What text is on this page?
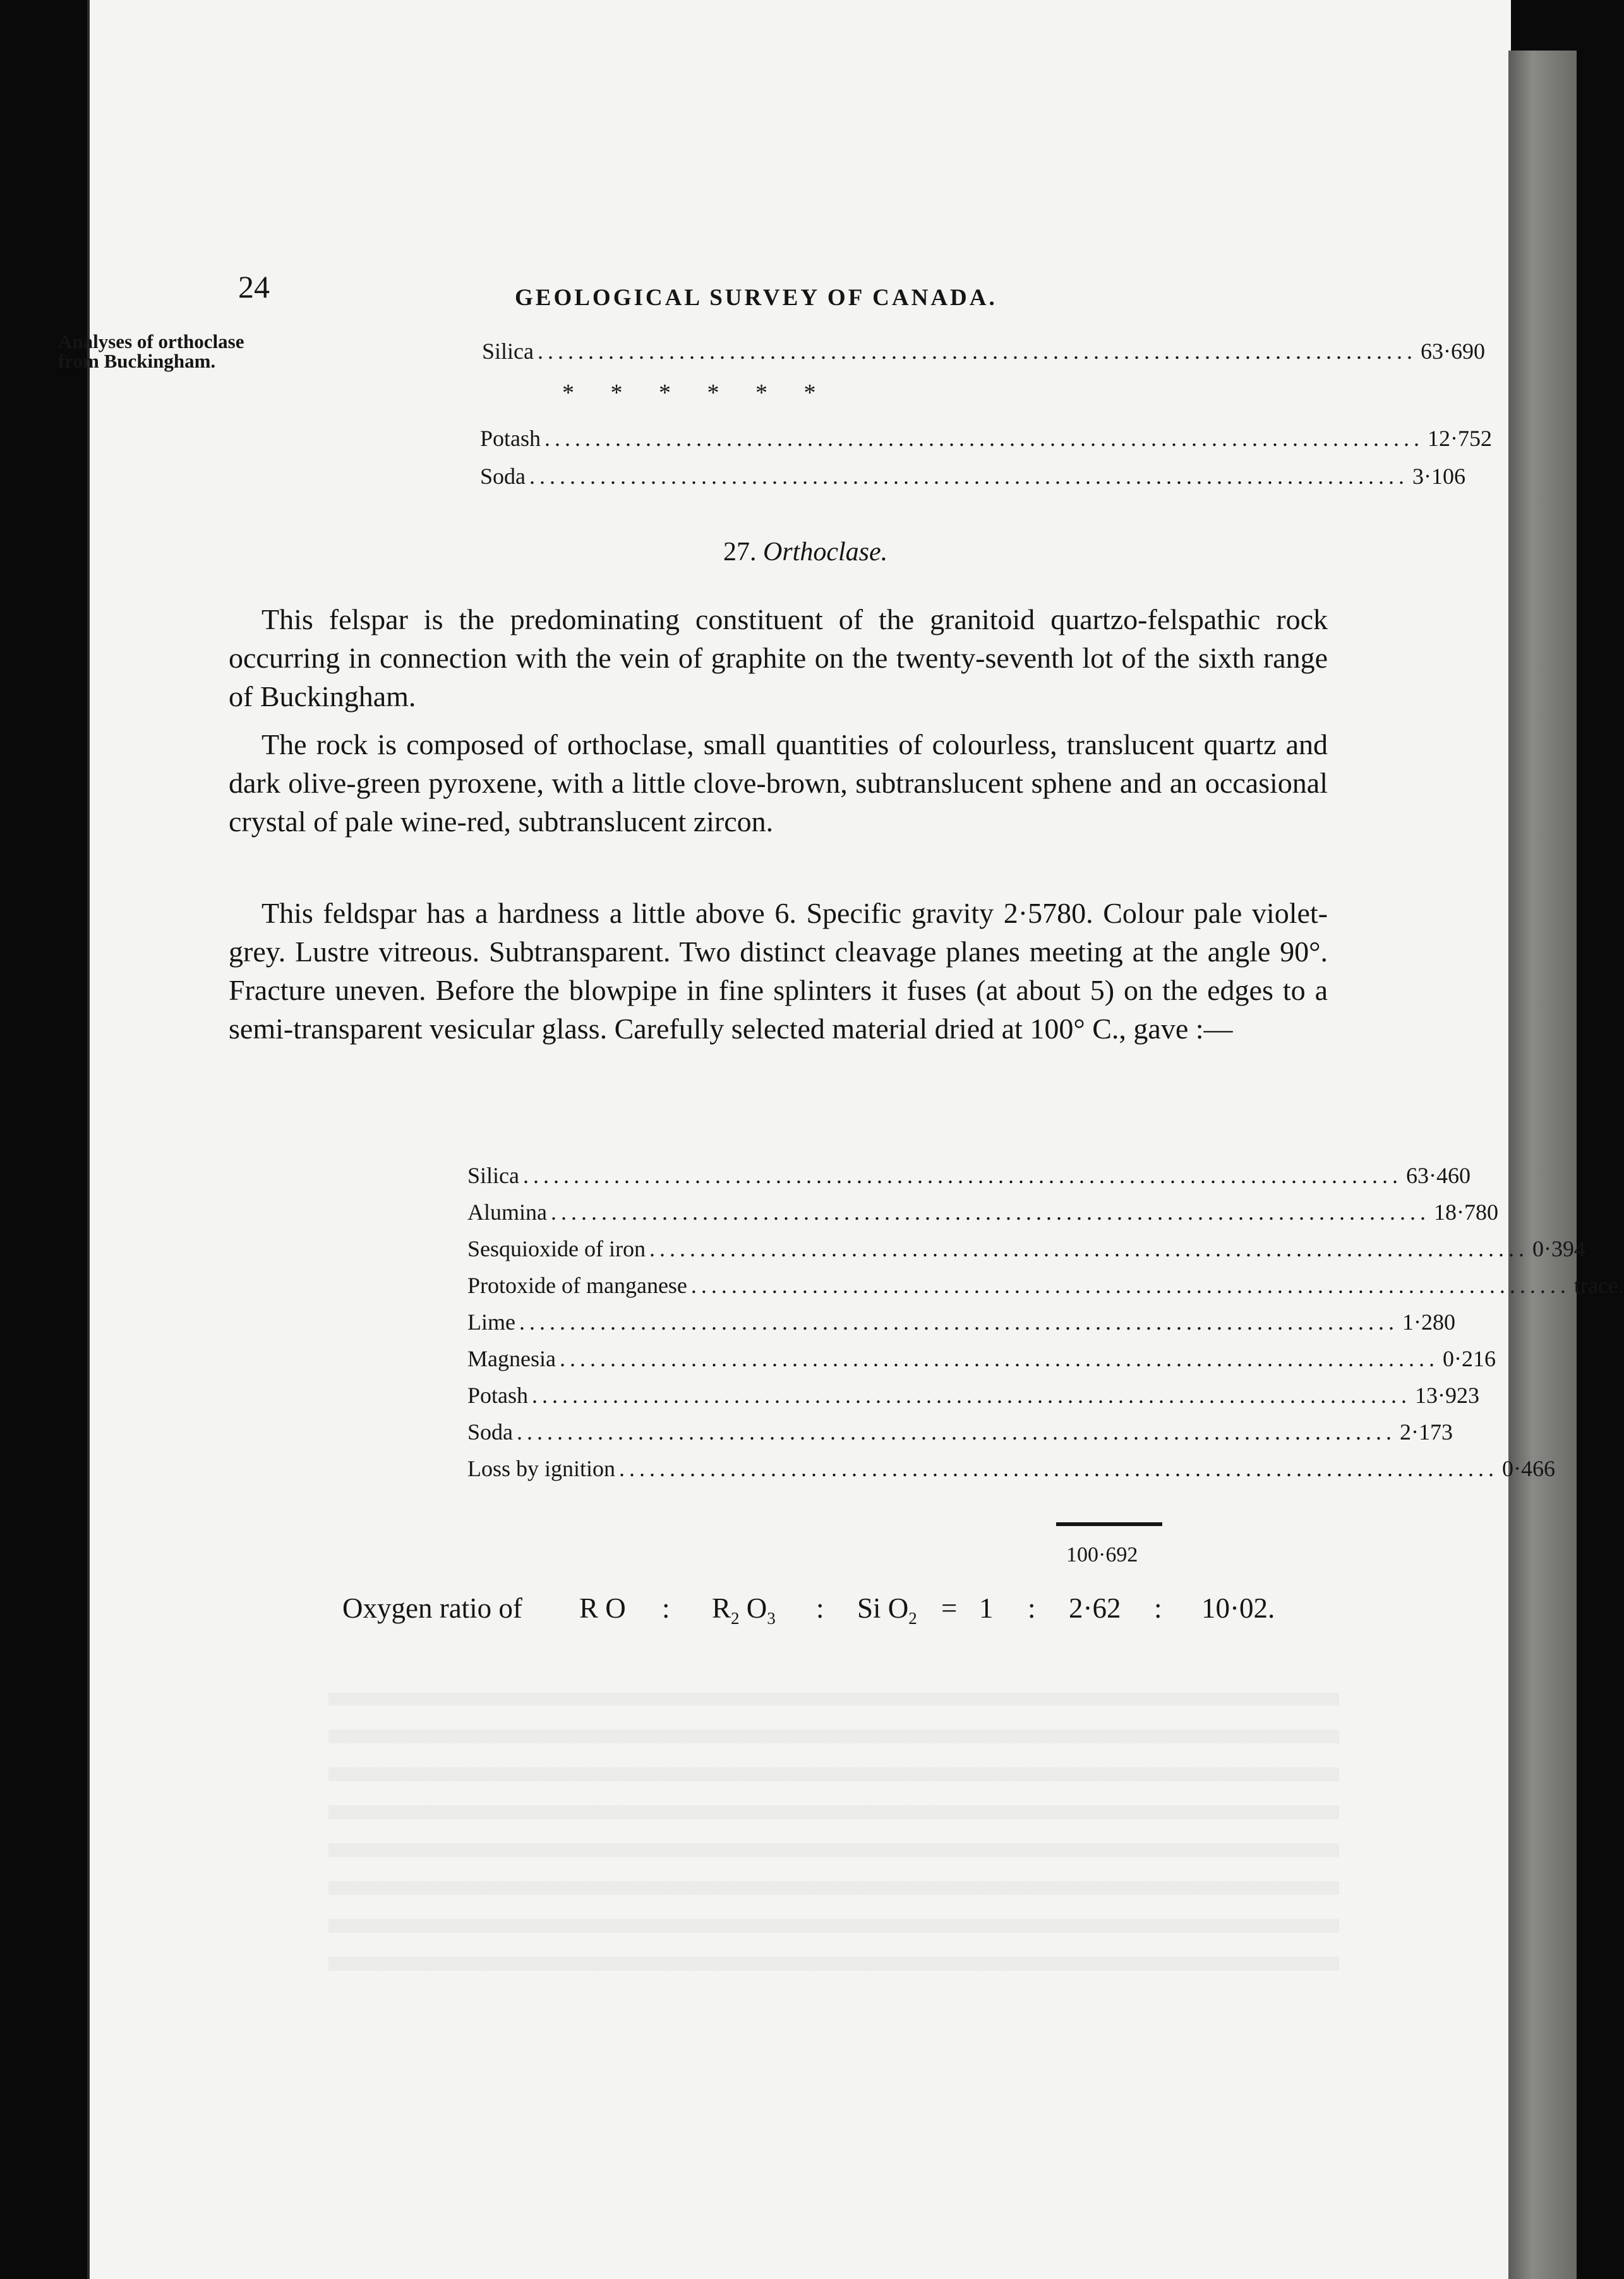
24	GEOLOGICAL SURVEY OF CANADA.
Analyses of orthoclase from Buckingham.	Silica ....................................................................................... 63·690
* * * * * *
Potash ....................................................................................... 12·752
Soda ....................................................................................... 3·106
27. Orthoclase.
This felspar is the predominating constituent of the granitoid quartzo-felspathic rock occurring in connection with the vein of graphite on the twenty-seventh lot of the sixth range of Buckingham.
The rock is composed of orthoclase, small quantities of colourless, translucent quartz and dark olive-green pyroxene, with a little clove-brown, subtranslucent sphene and an occasional crystal of pale wine-red, subtranslucent zircon.
This feldspar has a hardness a little above 6. Specific gravity 2·5780. Colour pale violet-grey. Lustre vitreous. Subtransparent. Two distinct cleavage planes meeting at the angle 90°. Fracture uneven. Before the blowpipe in fine splinters it fuses (at about 5) on the edges to a semi-transparent vesicular glass. Carefully selected material dried at 100° C., gave :—
Silica ....................................................................................... 63·460
Alumina ....................................................................................... 18·780
Sesquioxide of iron ....................................................................................... 0·394
Protoxide of manganese ....................................................................................... trace.
Lime ....................................................................................... 1·280
Magnesia ....................................................................................... 0·216
Potash ....................................................................................... 13·923
Soda ....................................................................................... 2·173
Loss by ignition ....................................................................................... 0·466
100·692
Oxygen ratio of R O : $R_2$ $O_3$ : Si $O_2 = 1$ : 2·62 : 10·02.
